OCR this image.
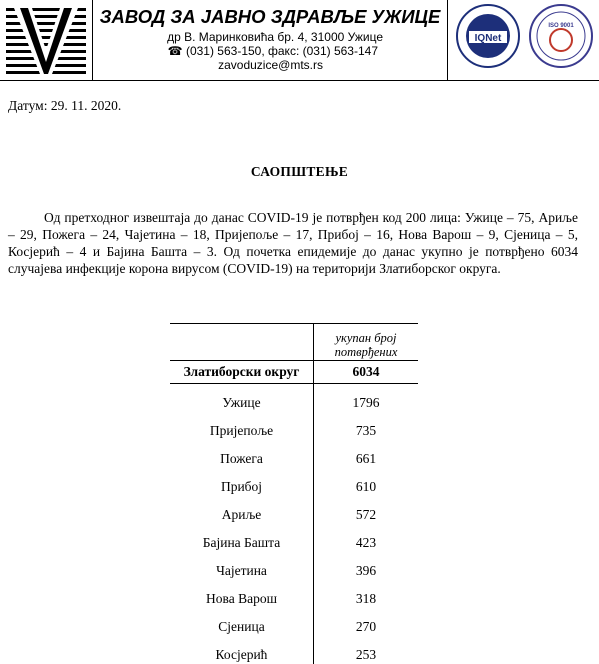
ЗАВОД ЗА ЈАВНО ЗДРАВЉЕ УЖИЦЕ
др В. Маринковића бр. 4, 31000 Ужице
☎ (031) 563-150, факс: (031) 563-147
zavoduzice@mts.rs
IQNet
ISO 9001
Датум: 29. 11. 2020.
САОПШТЕЊЕ
Од претходног извештаја до данас COVID-19 је потврђен код 200 лица: Ужице – 75, Ариље – 29, Пожега – 24, Чајетина – 18, Пријепоље – 17, Прибој – 16, Нова Варош – 9, Сјеница – 5, Косјерић – 4 и Бајина Башта – 3. Од почетка епидемије до данас укупно је потврђено 6034 случајева инфекције корона вирусом (COVID-19) на територији Златиборског округа.

	укупан број потврђених

Златиборски округ	6034
Ужице	1796
Пријепоље	735
Пожега	661
Прибој	610
Ариље	572
Бајина Башта	423
Чајетина	396
Нова Варош	318
Сјеница	270
Косјерић	253
